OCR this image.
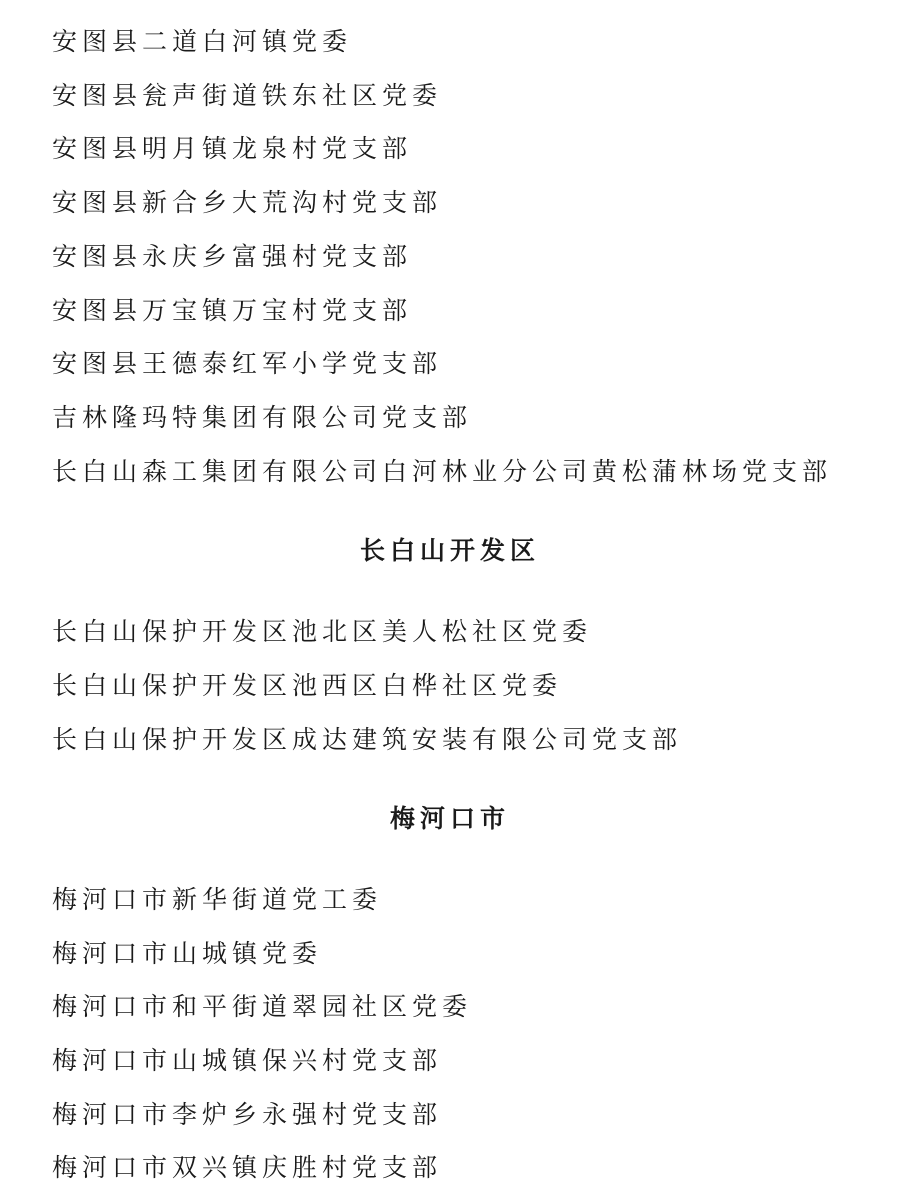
安图县二道白河镇党委
安图县瓮声街道铁东社区党委
安图县明月镇龙泉村党支部
安图县新合乡大荒沟村党支部
安图县永庆乡富强村党支部
安图县万宝镇万宝村党支部
安图县王德泰红军小学党支部
吉林隆玛特集团有限公司党支部
长白山森工集团有限公司白河林业分公司黄松蒲林场党支部
长白山开发区
长白山保护开发区池北区美人松社区党委
长白山保护开发区池西区白桦社区党委
长白山保护开发区成达建筑安装有限公司党支部
梅河口市
梅河口市新华街道党工委
梅河口市山城镇党委
梅河口市和平街道翠园社区党委
梅河口市山城镇保兴村党支部
梅河口市李炉乡永强村党支部
梅河口市双兴镇庆胜村党支部
